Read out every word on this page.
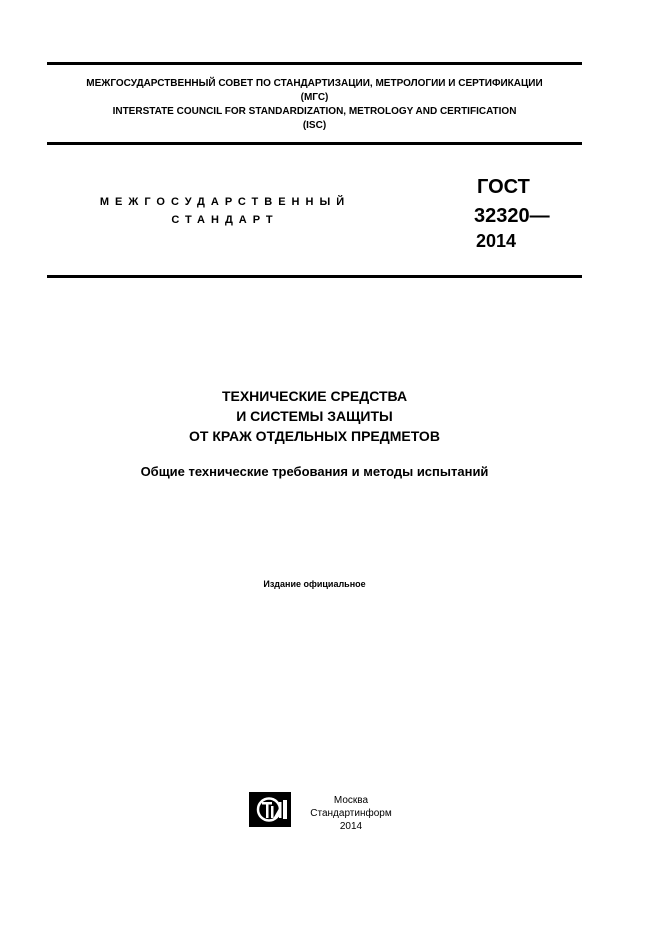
МЕЖГОСУДАРСТВЕННЫЙ СОВЕТ ПО СТАНДАРТИЗАЦИИ, МЕТРОЛОГИИ И СЕРТИФИКАЦИИ
(МГС)
INTERSTATE COUNCIL FOR STANDARDIZATION, METROLOGY AND CERTIFICATION
(ISC)
МЕЖГОСУДАРСТВЕННЫЙ
СТАНДАРТ
ГОСТ
32320—
2014
ТЕХНИЧЕСКИЕ СРЕДСТВА
И СИСТЕМЫ ЗАЩИТЫ
ОТ КРАЖ ОТДЕЛЬНЫХ ПРЕДМЕТОВ
Общие технические требования и методы испытаний
Издание официальное
Москва
Стандартинформ
2014
